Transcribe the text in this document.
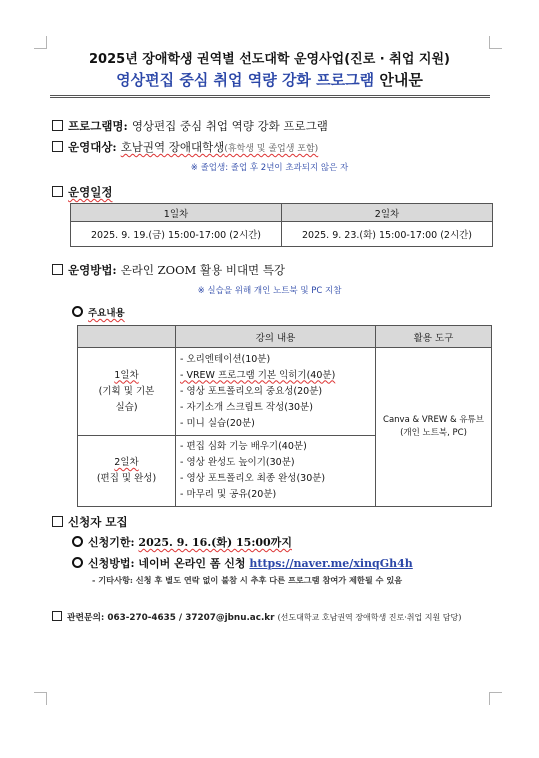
2025년 장애학생 권역별 선도대학 운영사업(진로 · 취업 지원)
영상편집 중심 취업 역량 강화 프로그램 안내문
프로그램명: 영상편집 중심 취업 역량 강화 프로그램
운영대상: 호남권역 장애대학생(휴학생 및 졸업생 포함)
※ 졸업생: 졸업 후 2년이 초과되지 않은 자
운영일정
1일차	2일차
2025. 9. 19.(금) 15:00-17:00 (2시간)	2025. 9. 23.(화) 15:00-17:00 (2시간)
운영방법: 온라인 ZOOM 활용 비대면 특강
※ 실습을 위해 개인 노트북 및 PC 지참
주요내용
	강의 내용	활용 도구

1일차
(기획 및 기본
실습)	- 오리엔테이션(10분)
- VREW 프로그램 기본 익히기(40분)
- 영상 포트폴리오의 중요성(20분)
- 자기소개 스크립트 작성(30분)
- 미니 실습(20분)	Canva & VREW & 유튜브
(개인 노트북, PC)

2일차
(편집 및 완성)	- 편집 심화 기능 배우기(40분)
- 영상 완성도 높이기(30분)
- 영상 포트폴리오 최종 완성(30분)
- 마무리 및 공유(20분)	
신청자 모집
신청기한: 2025. 9. 16.(화) 15:00까지
신청방법: 네이버 온라인 폼 신청 https://naver.me/xinqGh4h
- 기타사항: 신청 후 별도 연락 없이 불참 시 추후 다른 프로그램 참여가 제한될 수 있음
관련문의: 063-270-4635 / 37207@jbnu.ac.kr (선도대학교 호남권역 장애학생 진로·취업 지원 담당)
